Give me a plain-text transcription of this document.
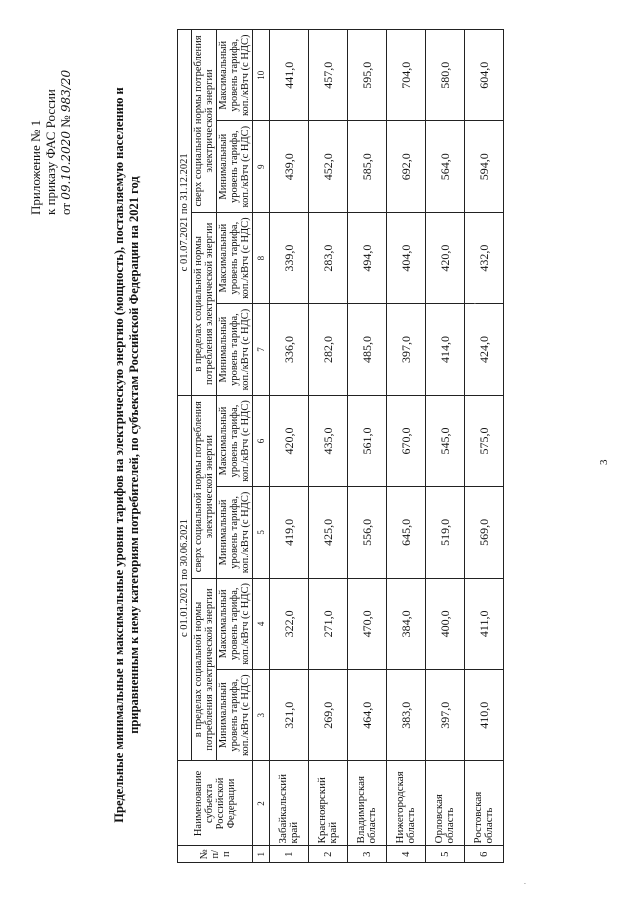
3
Приложение № 1 к приказу ФАС России от 09.10.2020 № 983/20	Предельные минимальные и максимальные уровни тарифов на электрическую энергию (мощность), поставляемую населению и приравненным к нему категориям потребителей, по субъектам Российской Федерации на 2021 год
№ п/п	Наименование субъекта Российской Федерации	с 01.01.2021 по 30.06.2021				с 01.07.2021 по 31.12.2021			
		в пределах социальной нормы потребления электрической энергии		сверх социальной нормы потребления электрической энергии		в пределах социальной нормы потребления электрической энергии		сверх социальной нормы потребления электрической энергии	
		Минимальный уровень тарифа, коп./кВтч (с НДС)	Максимальный уровень тарифа, коп./кВтч (с НДС)	Минимальный уровень тарифа, коп./кВтч (с НДС)	Максимальный уровень тарифа, коп./кВтч (с НДС)	Минимальный уровень тарифа, коп./кВтч (с НДС)	Максимальный уровень тарифа, коп./кВтч (с НДС)	Минимальный уровень тарифа, коп./кВтч (с НДС)	Максимальный уровень тарифа, коп./кВтч (с НДС)
1	2	3	4	5	6	7	8	9	10
1	Забайкальский край	321,0	322,0	419,0	420,0	336,0	339,0	439,0	441,0
2	Красноярский край	269,0	271,0	425,0	435,0	282,0	283,0	452,0	457,0
3	Владимирская область	464,0	470,0	556,0	561,0	485,0	494,0	585,0	595,0
4	Нижегородская область	383,0	384,0	645,0	670,0	397,0	404,0	692,0	704,0
5	Орловская область	397,0	400,0	519,0	545,0	414,0	420,0	564,0	580,0
6	Ростовская область	410,0	411,0	569,0	575,0	424,0	432,0	594,0	604,0
·
·
